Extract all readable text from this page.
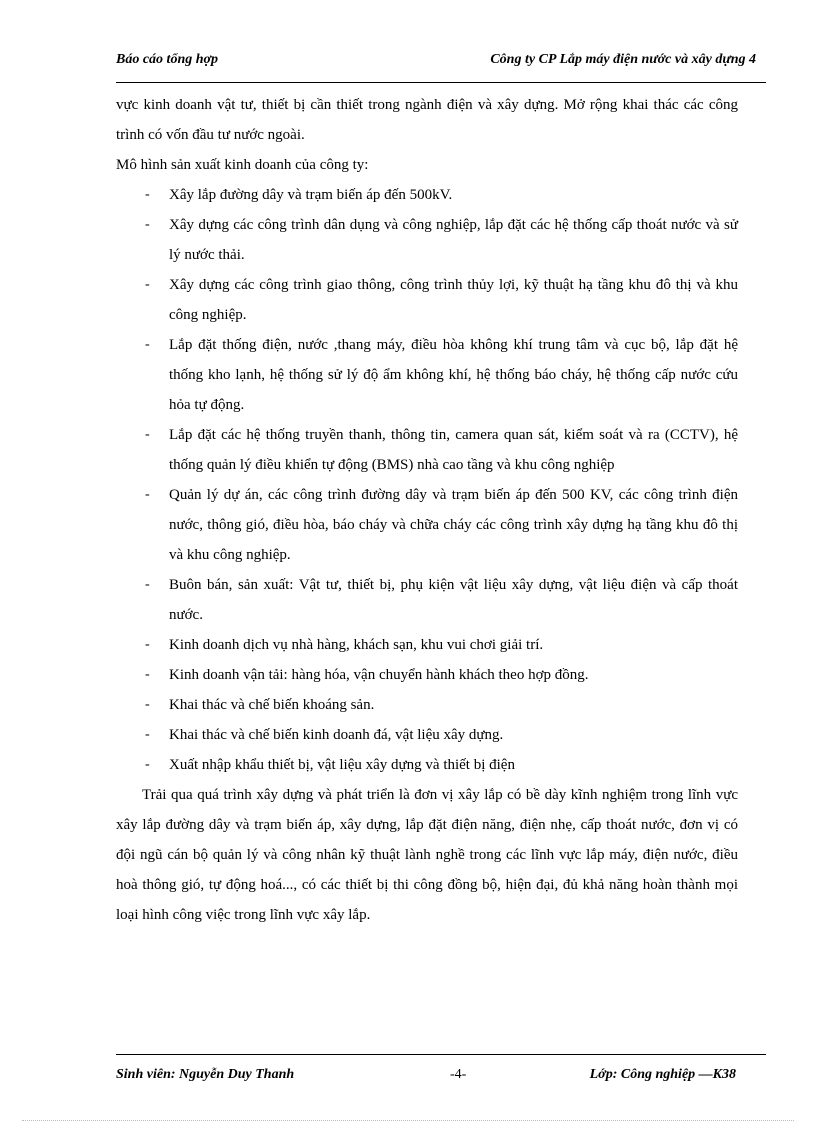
Báo cáo tổng hợp	Công ty CP Lắp máy điện nước và xây dựng 4

vực kinh doanh vật tư, thiết bị cần thiết trong ngành điện và xây dựng. Mở rộng khai thác các công trình có vốn đầu tư nước ngoài.

Mô hình sản xuất kinh doanh của công ty:

-	Xây lắp đường dây và trạm biến áp đến 500kV.
-	Xây dựng các công trình dân dụng và công nghiệp, lắp đặt các hệ thống cấp thoát nước và sử lý nước thải.
-	Xây dựng các công trình giao thông, công trình thủy lợi, kỹ thuật hạ tầng khu đô thị và khu công nghiệp.
-	Lắp đặt thống điện, nước ,thang máy, điều hòa không khí trung tâm và cục bộ, lắp đặt hệ thống kho lạnh, hệ thống sử lý độ ẩm không khí, hệ thống báo cháy, hệ thống cấp nước cứu hỏa tự động.
-	Lắp đặt các hệ thống truyền thanh, thông tin, camera quan sát, kiểm soát và ra (CCTV), hệ thống quản lý điều khiển tự động (BMS) nhà cao tầng và khu công nghiệp
-	Quản lý dự án, các công trình đường dây và trạm biến áp đến 500 KV, các công trình điện nước, thông gió, điều hòa, báo cháy và chữa cháy các công trình xây dựng hạ tầng khu đô thị và khu công nghiệp.
-	Buôn bán, sản xuất: Vật tư, thiết bị, phụ kiện vật liệu xây dựng, vật liệu điện và cấp thoát nước.
-	Kinh doanh dịch vụ nhà hàng, khách sạn, khu vui chơi giải trí.
-	Kinh doanh vận tải: hàng hóa, vận chuyển hành khách theo hợp đồng.
-	Khai thác và chế biến khoáng sản.
-	Khai thác và chế biến kinh doanh đá, vật liệu xây dựng.
-	Xuất nhập khẩu thiết bị, vật liệu xây dựng và thiết bị điện

Trải qua quá trình xây dựng và phát triển là đơn vị xây lắp có bề dày kĩnh nghiệm trong lĩnh vực xây lắp đường dây và trạm biến áp, xây dựng, lắp đặt điện năng, điện nhẹ, cấp thoát nước, đơn vị có đội ngũ cán bộ quản lý và công nhân kỹ thuật lành nghề trong các lĩnh vực lắp máy, điện nước, điều hoà thông gió, tự động hoá..., có các thiết bị thi công đồng bộ, hiện đại, đủ khả năng hoàn thành mọi loại hình công việc trong lĩnh vực xây lắp.

Sinh viên: Nguyễn Duy Thanh	-4-	Lớp: Công nghiệp —K38
